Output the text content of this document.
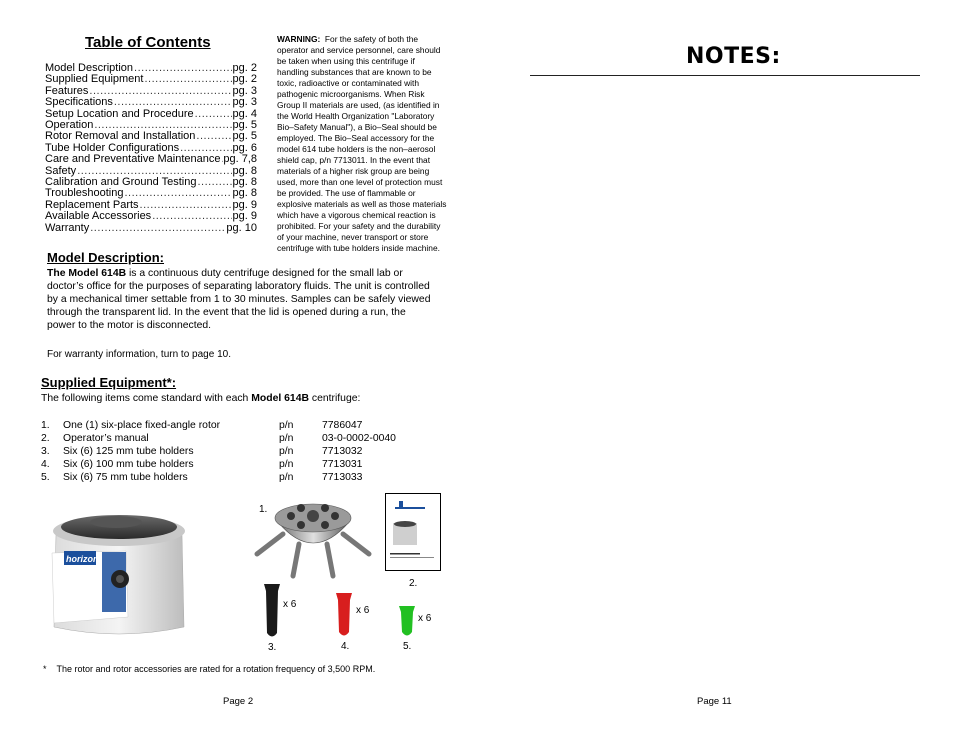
Table of Contents
Model Description .....	pg. 2
Supplied Equipment .....	pg. 2
Features .....	pg. 3
Specifications .....	pg. 3
Setup Location and Procedure .....	pg. 4
Operation .....	pg. 5
Rotor Removal and Installation .....	pg. 5
Tube Holder Configurations .....	pg. 6
Care and Preventative Maintenance ..... pg. 7,8
Safety .....	pg. 8
Calibration and Ground Testing .....	pg. 8
Troubleshooting .....	pg. 8
Replacement Parts .....	pg. 9
Available Accessories .....	pg. 9
Warranty .....	pg. 10
WARNING: For the safety of both the operator and service personnel, care should be taken when using this centrifuge if handling substances that are known to be toxic, radioactive or contaminated with pathogenic microorganisms. When Risk Group II materials are used, (as identified in the World Health Organization "Laboratory Bio–Safety Manual"), a Bio–Seal should be employed. The Bio–Seal accessory for the model 614 tube holders is the non–aerosol shield cap, p/n 7713011. In the event that materials of a higher risk group are being used, more than one level of protection must be provided. The use of flammable or explosive materials as well as those materials which have a vigorous chemical reaction is prohibited. For your safety and the durability of your machine, never transport or store centrifuge with tube holders inside machine.
Model Description:
The Model 614B is a continuous duty centrifuge designed for the small lab or doctor’s office for the purposes of separating laboratory fluids. The unit is controlled by a mechanical timer settable from 1 to 30 minutes. Samples can be safely viewed through the transparent lid. In the event that the lid is opened during a run, the power to the motor is disconnected.
For warranty information, turn to page 10.
Supplied Equipment*:
The following items come standard with each Model 614B centrifuge:
1. One (1) six-place fixed-angle rotor	p/n	7786047
2. Operator’s manual	p/n	03-0-0002-0040
3. Six (6) 125 mm tube holders	p/n	7713032
4. Six (6) 100 mm tube holders	p/n	7713031
5. Six (6) 75 mm tube holders	p/n	7713033
horizon
1.
2.
x 6
3.
x 6
4.
x 6
5.
* The rotor and rotor accessories are rated for a rotation frequency of 3,500 RPM.
Page 2
NOTES:
Page 11
